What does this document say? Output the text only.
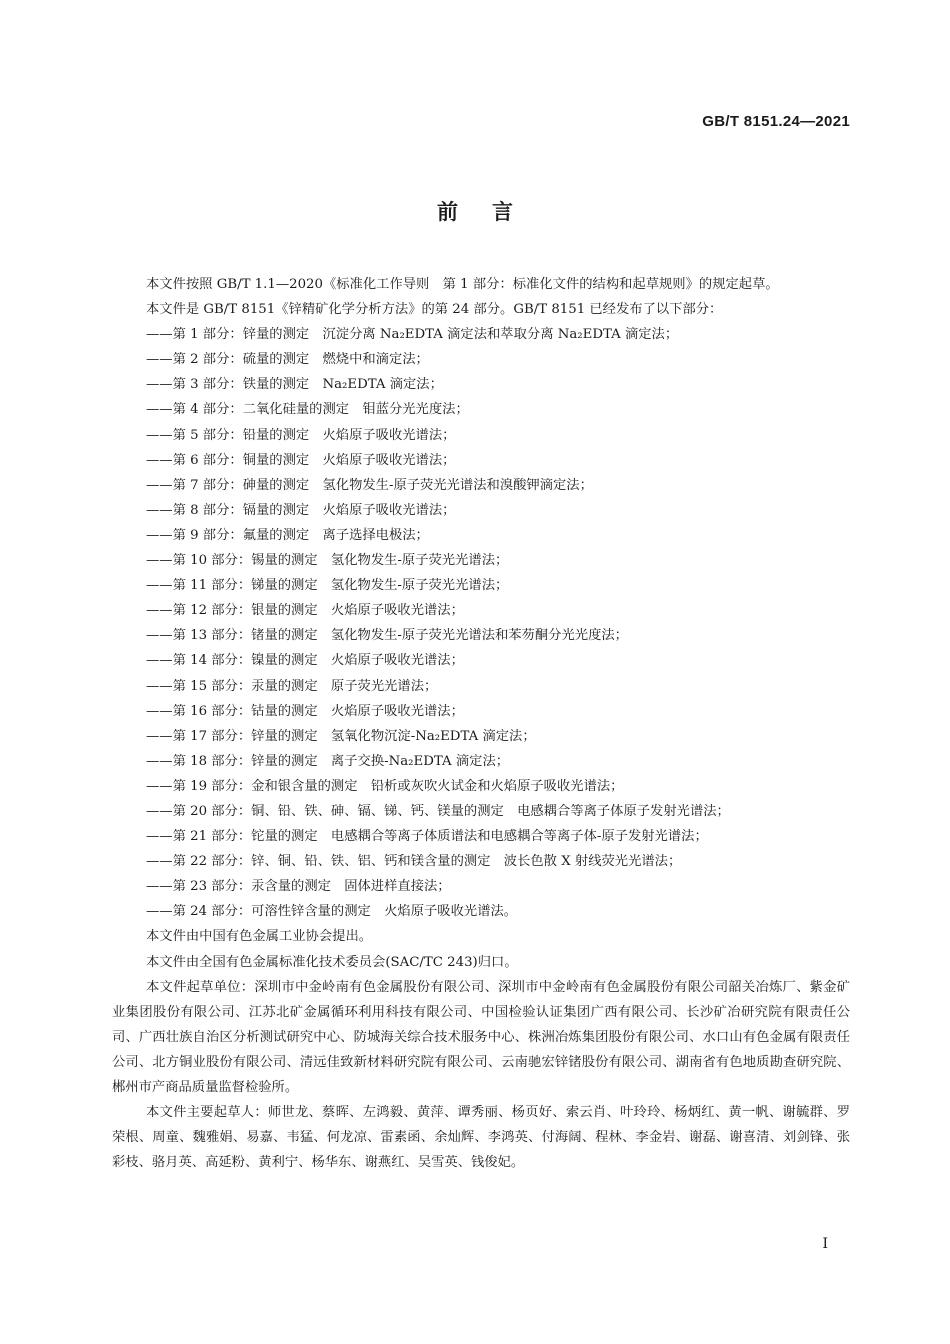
GB/T 8151.24—2021
前言

本文件按照 GB/T 1.1—2020《标准化工作导则　第 1 部分：标准化文件的结构和起草规则》的规定起草。

本文件是 GB/T 8151《锌精矿化学分析方法》的第 24 部分。GB/T 8151 已经发布了以下部分：

——第 1 部分：锌量的测定　沉淀分离 Na₂EDTA 滴定法和萃取分离 Na₂EDTA 滴定法；

——第 2 部分：硫量的测定　燃烧中和滴定法；

——第 3 部分：铁量的测定　Na₂EDTA 滴定法；

——第 4 部分：二氧化硅量的测定　钼蓝分光光度法；

——第 5 部分：铅量的测定　火焰原子吸收光谱法；

——第 6 部分：铜量的测定　火焰原子吸收光谱法；

——第 7 部分：砷量的测定　氢化物发生-原子荧光光谱法和溴酸钾滴定法；

——第 8 部分：镉量的测定　火焰原子吸收光谱法；

——第 9 部分：氟量的测定　离子选择电极法；

——第 10 部分：锡量的测定　氢化物发生-原子荧光光谱法；

——第 11 部分：锑量的测定　氢化物发生-原子荧光光谱法；

——第 12 部分：银量的测定　火焰原子吸收光谱法；

——第 13 部分：锗量的测定　氢化物发生-原子荧光光谱法和苯芴酮分光光度法；

——第 14 部分：镍量的测定　火焰原子吸收光谱法；

——第 15 部分：汞量的测定　原子荧光光谱法；

——第 16 部分：钴量的测定　火焰原子吸收光谱法；

——第 17 部分：锌量的测定　氢氧化物沉淀-Na₂EDTA 滴定法；

——第 18 部分：锌量的测定　离子交换-Na₂EDTA 滴定法；

——第 19 部分：金和银含量的测定　铅析或灰吹火试金和火焰原子吸收光谱法；

——第 20 部分：铜、铅、铁、砷、镉、锑、钙、镁量的测定　电感耦合等离子体原子发射光谱法；

——第 21 部分：铊量的测定　电感耦合等离子体质谱法和电感耦合等离子体-原子发射光谱法；

——第 22 部分：锌、铜、铅、铁、铝、钙和镁含量的测定　波长色散 X 射线荧光光谱法；

——第 23 部分：汞含量的测定　固体进样直接法；

——第 24 部分：可溶性锌含量的测定　火焰原子吸收光谱法。

本文件由中国有色金属工业协会提出。

本文件由全国有色金属标准化技术委员会(SAC/TC 243)归口。

本文件起草单位：深圳市中金岭南有色金属股份有限公司、深圳市中金岭南有色金属股份有限公司韶关冶炼厂、紫金矿业集团股份有限公司、江苏北矿金属循环利用科技有限公司、中国检验认证集团广西有限公司、长沙矿冶研究院有限责任公司、广西壮族自治区分析测试研究中心、防城海关综合技术服务中心、株洲冶炼集团股份有限公司、水口山有色金属有限责任公司、北方铜业股份有限公司、清远佳致新材料研究院有限公司、云南驰宏锌锗股份有限公司、湖南省有色地质勘查研究院、郴州市产商品质量监督检验所。

本文件主要起草人：师世龙、蔡晖、左鸿毅、黄萍、谭秀丽、杨页好、索云肖、叶玲玲、杨炳红、黄一帆、谢毓群、罗荣根、周童、魏雅娟、易嘉、韦猛、何龙凉、雷素函、余灿辉、李鸿英、付海阔、程林、李金岩、谢磊、谢喜清、刘剑锋、张彩枝、骆月英、高延粉、黄利宁、杨华东、谢燕红、吴雪英、钱俊妃。

Ⅰ
